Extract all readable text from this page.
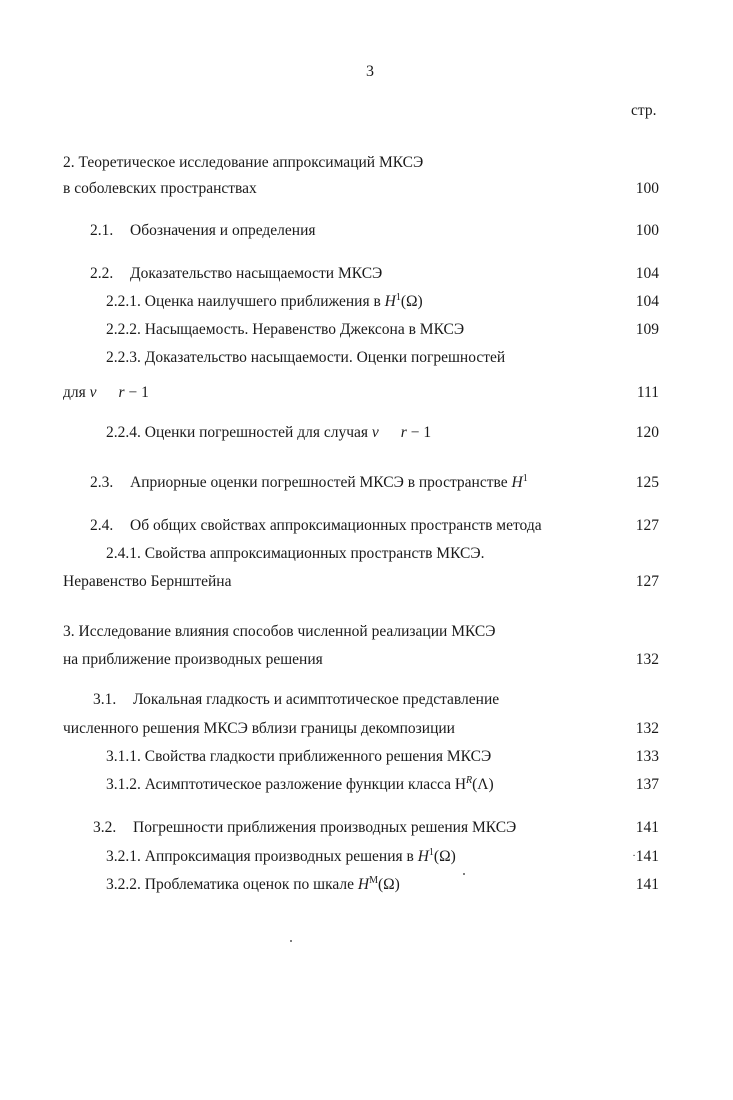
3
стр.
2. Теоретическое исследование аппроксимаций МКСЭ
в соболевских пространствах	100
2.1. Обозначения и определения	100
2.2. Доказательство насыщаемости МКСЭ	104
2.2.1. Оценка наилучшего приближения в $H^1(\Omega)$	104
2.2.2. Насыщаемость. Неравенство Джексона в МКСЭ	109
2.2.3. Доказательство насыщаемости. Оценки погрешностей
для v r − 1	111
2.2.4. Оценки погрешностей для случая v r − 1	120
2.3. Априорные оценки погрешностей МКСЭ в пространстве $H^1$	125
2.4. Об общих свойствах аппроксимационных пространств метода	127
2.4.1. Свойства аппроксимационных пространств МКСЭ.
Неравенство Бернштейна	127
3. Исследование влияния способов численной реализации МКСЭ
на приближение производных решения	132
3.1. Локальная гладкость и асимптотическое представление
численного решения МКСЭ вблизи границы декомпозиции	132
3.1.1. Свойства гладкости приближенного решения МКСЭ	133
3.1.2. Асимптотическое разложение функции класса $H^R(\Lambda)$	137
3.2. Погрешности приближения производных решения МКСЭ	141
3.2.1. Аппроксимация производных решения в $H^1(\Omega)$	·141
3.2.2. Проблематика оценок по шкале $H^M(\Omega)$	141
